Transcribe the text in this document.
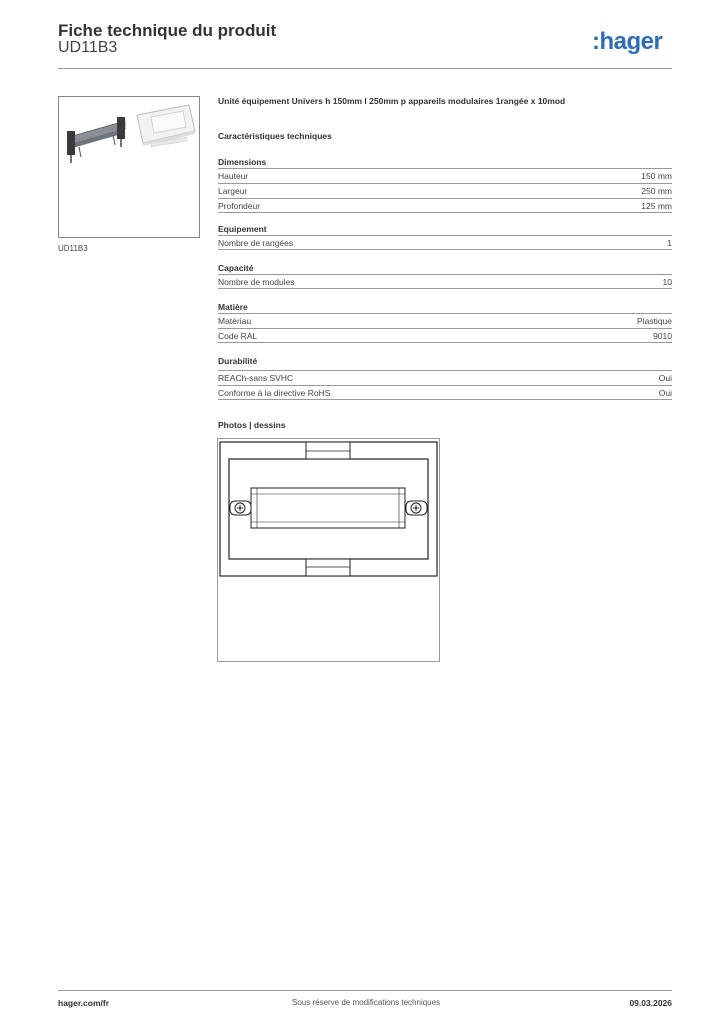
Fiche technique du produit
UD11B3	:hager
UD11B3
Unité équipement Univers h 150mm l 250mm p appareils modulaires 1rangée x 10mod
Caractéristiques techniques
Dimensions
Hauteur	150 mm
Largeur	250 mm
Profondeur	125 mm
Equipement
Nombre de rangées	1
Capacité
Nombre de modules	10
Matière
Matériau	Plastique
Code RAL	9010
Durabilité
REACh-sans SVHC	Oui
Conforme à la directive RoHS	Oui
Photos | dessins
hager.com/fr	Sous réserve de modifications techniques	09.03.2026
